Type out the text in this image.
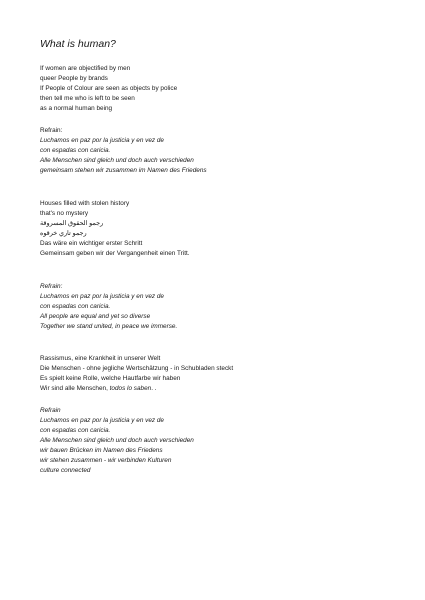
What is human?
If women are objectified by men
queer People by brands
If People of Colour are seen as objects by police
then tell me who is left to be seen
as a normal human being
Refrain:
Luchamos en paz por la justicia y en vez de
con espadas con caricia.
Alle Menschen sind gleich und doch auch verschieden
gemeinsam stehen wir zusammen im Namen des Friedens
Houses filled with stolen history
that's no mystery
رجمو الحقوق المسروقة
رجمو تاري خرقوه
Das wäre ein wichtiger erster Schritt
Gemeinsam geben wir der Vergangenheit einen Tritt.
Refrain:
Luchamos en paz por la justicia y en vez de
con espadas con caricia.
All people are equal and yet so diverse
Together we stand united, in peace we immerse.
Rassismus, eine Krankheit in unserer Welt
Die Menschen - ohne jegliche Wertschätzung - in Schubladen steckt
Es spielt keine Rolle, welche Hautfarbe wir haben
Wir sind alle Menschen, todos lo saben. .
Refrain
Luchamos en paz por la justicia y en vez de
con espadas con caricia.
Alle Menschen sind gleich und doch auch verschieden
wir bauen Brücken im Namen des Friedens
wir stehen zusammen - wir verbinden Kulturen
culture connected
